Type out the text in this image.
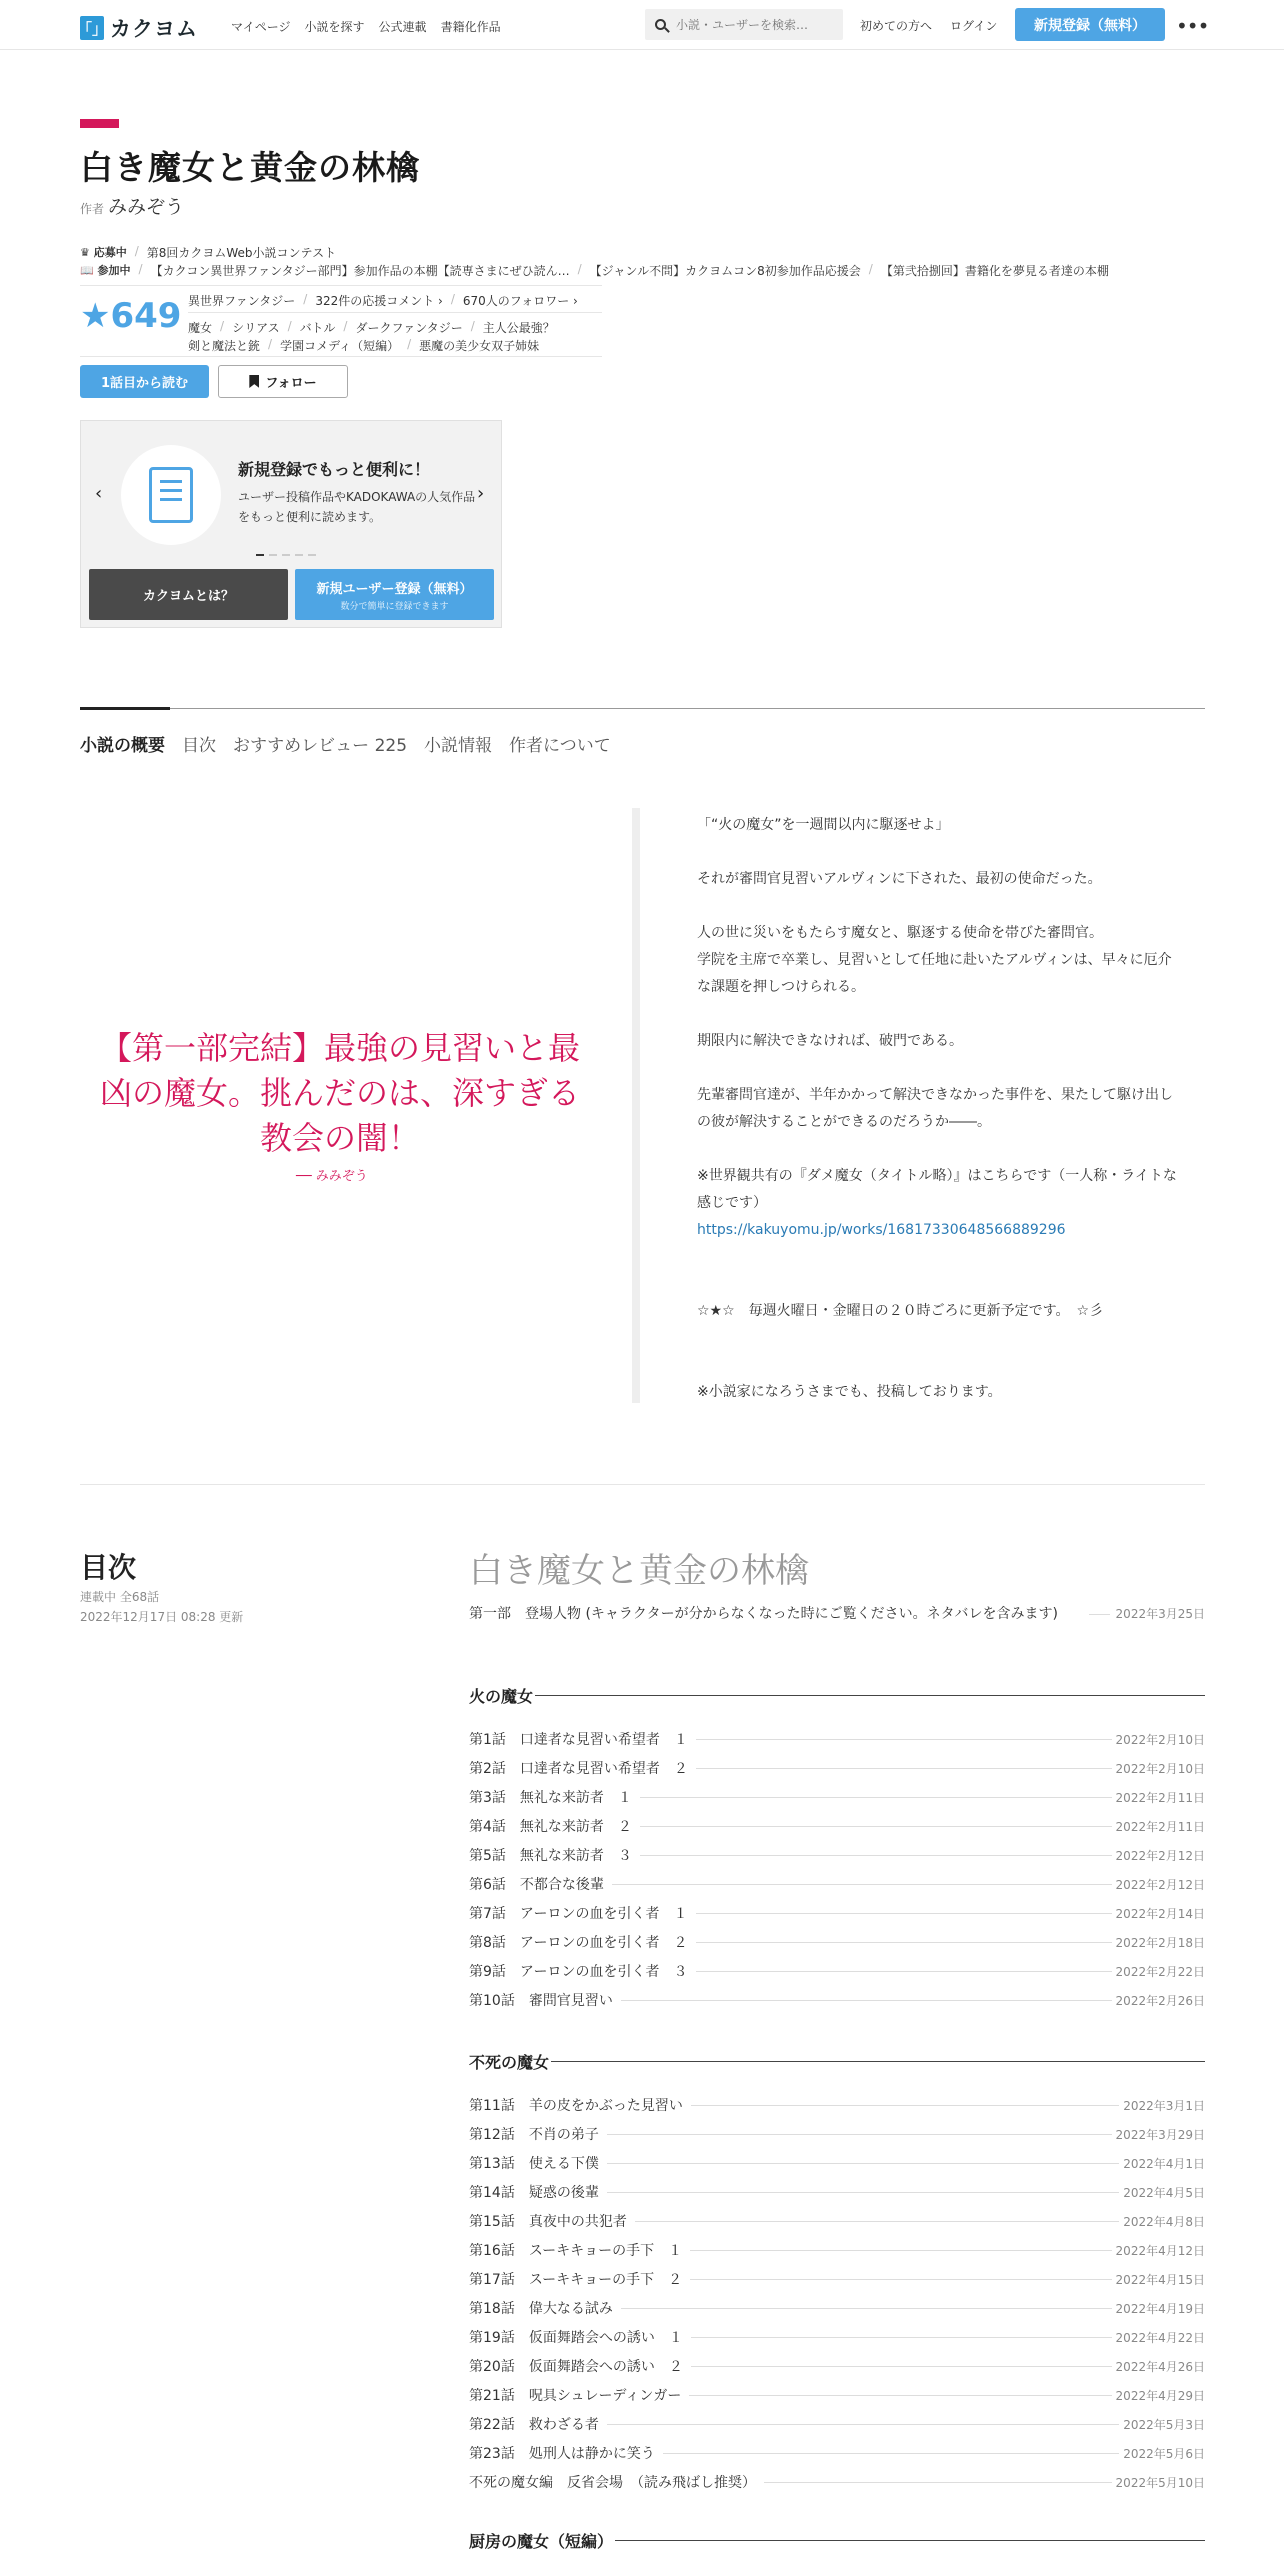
「」 カクヨム	マイページ 小説を探す 公式連載 書籍化作品
小説・ユーザーを検索…	初めての方へ ログイン	新規登録（無料）	•••
白き魔女と黄金の林檎
作者 みみぞう
♛ 応募中 / 第8回カクヨムWeb小説コンテスト
📖 参加中 / 【カクコン異世界ファンタジー部門】参加作品の本棚【読専さまにぜひ読ん… / 【ジャンル不問】カクヨムコン8初参加作品応援会 / 【第弐拾捌回】書籍化を夢見る者達の本棚
★649 異世界ファンタジー / 322件の応援コメント › / 670人のフォロワー ›
魔女 / シリアス / バトル / ダークファンタジー / 主人公最強？
剣と魔法と銃 / 学園コメディ（短編） / 悪魔の美少女双子姉妹
1話目から読む	フォロー
‹	›
新規登録でもっと便利に！
ユーザー投稿作品やKADOKAWAの人気作品をもっと便利に読めます。
カクヨムとは？	新規ユーザー登録（無料）
数分で簡単に登録できます
小説の概要 目次 おすすめレビュー 225 小説情報 作者について
【第一部完結】最強の見習いと最凶の魔女。挑んだのは、深すぎる教会の闇！
── みみぞう

「“火の魔女”を一週間以内に駆逐せよ」

それが審問官見習いアルヴィンに下された、最初の使命だった。

人の世に災いをもたらす魔女と、駆逐する使命を帯びた審問官。

学院を主席で卒業し、見習いとして任地に赴いたアルヴィンは、早々に厄介な課題を押しつけられる。

期限内に解決できなければ、破門である。

先輩審問官達が、半年かかって解決できなかった事件を、果たして駆け出しの彼が解決することができるのだろうか――。

※世界観共有の『ダメ魔女（タイトル略）』はこちらです（一人称・ライトな感じです）

https://kakuyomu.jp/works/16817330648566889296

☆★☆　毎週火曜日・金曜日の２０時ごろに更新予定です。　☆彡

※小説家になろうさまでも、投稿しております。

目次
連載中 全68話
2022年12月17日 08:28 更新
白き魔女と黄金の林檎
第一部　登場人物 (キャラクターが分からなくなった時にご覧ください。ネタバレを含みます)	2022年3月25日
火の魔女
第1話　口達者な見習い希望者　１	2022年2月10日
第2話　口達者な見習い希望者　２	2022年2月10日
第3話　無礼な来訪者　１	2022年2月11日
第4話　無礼な来訪者　２	2022年2月11日
第5話　無礼な来訪者　３	2022年2月12日
第6話　不都合な後輩	2022年2月12日
第7話　アーロンの血を引く者　１	2022年2月14日
第8話　アーロンの血を引く者　２	2022年2月18日
第9話　アーロンの血を引く者　３	2022年2月22日
第10話　審問官見習い	2022年2月26日
不死の魔女
第11話　羊の皮をかぶった見習い	2022年3月1日
第12話　不肖の弟子	2022年3月29日
第13話　使える下僕	2022年4月1日
第14話　疑惑の後輩	2022年4月5日
第15話　真夜中の共犯者	2022年4月8日
第16話　スーキキョーの手下　１	2022年4月12日
第17話　スーキキョーの手下　２	2022年4月15日
第18話　偉大なる試み	2022年4月19日
第19話　仮面舞踏会への誘い　１	2022年4月22日
第20話　仮面舞踏会への誘い　２	2022年4月26日
第21話　呪具シュレーディンガー	2022年4月29日
第22話　救わざる者	2022年5月3日
第23話　処刑人は静かに笑う	2022年5月6日
不死の魔女編　反省会場　（読み飛ばし推奨）	2022年5月10日
厨房の魔女（短編）
